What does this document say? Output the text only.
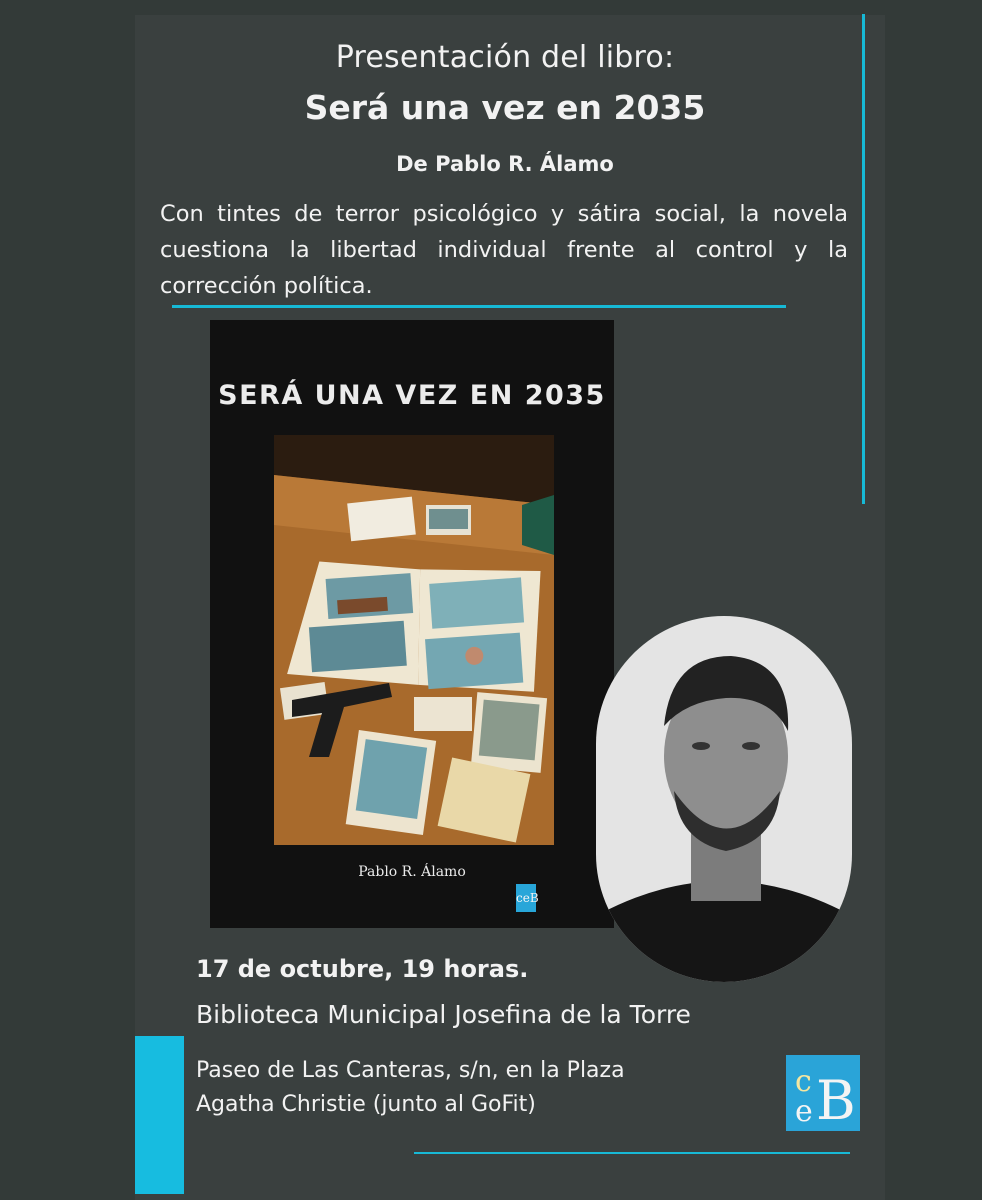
Presentación del libro:
Será una vez en 2035
De Pablo R. Álamo
Con tintes de terror psicológico y sátira social, la novela cuestiona la libertad individual frente al control y la corrección política.
SERÁ UNA VEZ EN 2035
Pablo R. Álamo
ceB
17 de octubre, 19 horas.
Biblioteca Municipal Josefina de la Torre
Paseo de Las Canteras, s/n, en la Plaza
Agatha Christie (junto al GoFit)
c
e B
